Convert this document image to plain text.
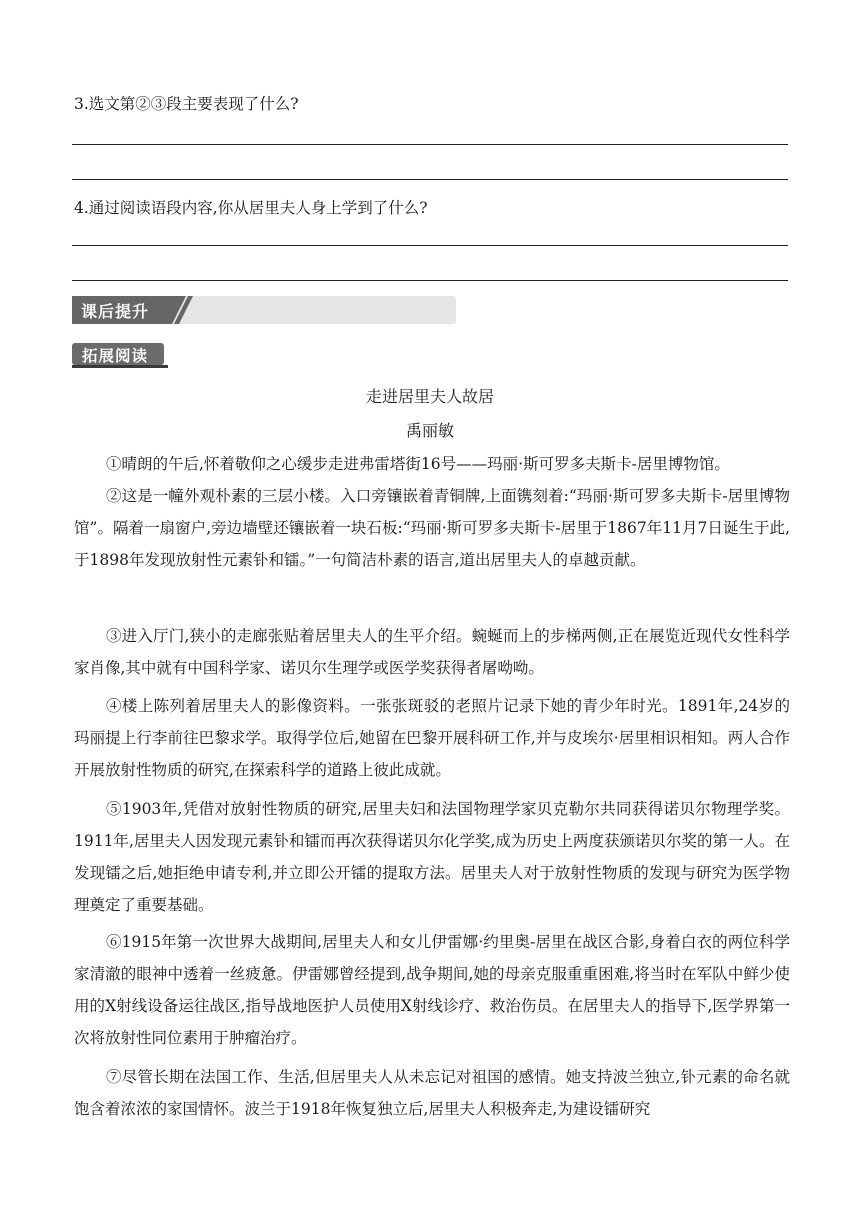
3.选文第②③段主要表现了什么?
4.通过阅读语段内容,你从居里夫人身上学到了什么?
课后提升
拓展阅读
走进居里夫人故居
禹丽敏

①晴朗的午后,怀着敬仰之心缓步走进弗雷塔街16号——玛丽·斯可罗多夫斯卡-居里博物馆。

②这是一幢外观朴素的三层小楼。入口旁镶嵌着青铜牌,上面镌刻着:“玛丽·斯可罗多夫斯卡-居里博物馆”。隔着一扇窗户,旁边墙壁还镶嵌着一块石板:“玛丽·斯可罗多夫斯卡-居里于1867年11月7日诞生于此,于1898年发现放射性元素钋和镭。”一句简洁朴素的语言,道出居里夫人的卓越贡献。

③进入厅门,狭小的走廊张贴着居里夫人的生平介绍。蜿蜒而上的步梯两侧,正在展览近现代女性科学家肖像,其中就有中国科学家、诺贝尔生理学或医学奖获得者屠呦呦。

④楼上陈列着居里夫人的影像资料。一张张斑驳的老照片记录下她的青少年时光。1891年,24岁的玛丽提上行李前往巴黎求学。取得学位后,她留在巴黎开展科研工作,并与皮埃尔·居里相识相知。两人合作开展放射性物质的研究,在探索科学的道路上彼此成就。

⑤1903年,凭借对放射性物质的研究,居里夫妇和法国物理学家贝克勒尔共同获得诺贝尔物理学奖。1911年,居里夫人因发现元素钋和镭而再次获得诺贝尔化学奖,成为历史上两度获颁诺贝尔奖的第一人。在发现镭之后,她拒绝申请专利,并立即公开镭的提取方法。居里夫人对于放射性物质的发现与研究为医学物理奠定了重要基础。

⑥1915年第一次世界大战期间,居里夫人和女儿伊雷娜·约里奥-居里在战区合影,身着白衣的两位科学家清澈的眼神中透着一丝疲惫。伊雷娜曾经提到,战争期间,她的母亲克服重重困难,将当时在军队中鲜少使用的X射线设备运往战区,指导战地医护人员使用X射线诊疗、救治伤员。在居里夫人的指导下,医学界第一次将放射性同位素用于肿瘤治疗。

⑦尽管长期在法国工作、生活,但居里夫人从未忘记对祖国的感情。她支持波兰独立,钋元素的命名就饱含着浓浓的家国情怀。波兰于1918年恢复独立后,居里夫人积极奔走,为建设镭研究
